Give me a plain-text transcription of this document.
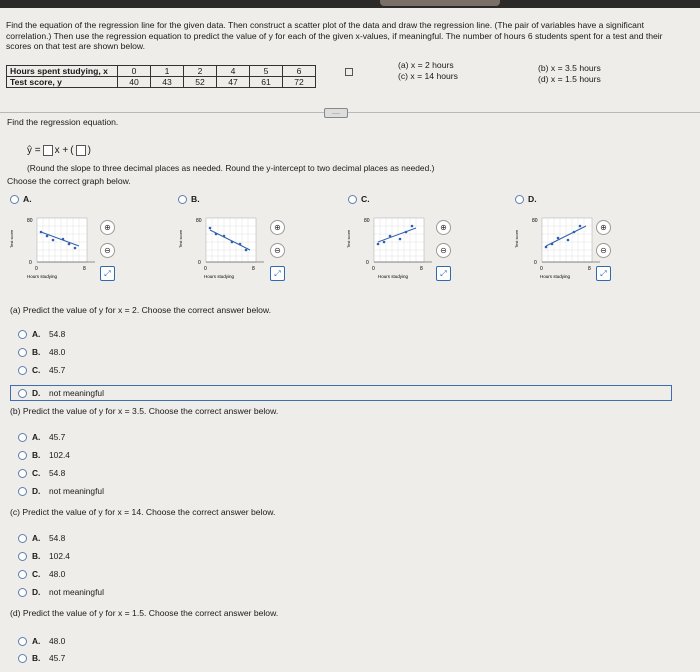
Find the equation of the regression line for the given data. Then construct a scatter plot of the data and draw the regression line. (The pair of variables have a significant correlation.) Then use the regression equation to predict the value of y for each of the given x-values, if meaningful. The number of hours 6 students spent for a test and their scores on that test are shown below.
Hours spent studying, x	0	1	2	4	5	6
Test score, y	40	43	52	47	61	72
(a) x = 2 hours
(c) x = 14 hours
(b) x = 3.5 hours
(d) x = 1.5 hours
....
Find the regression equation.
ŷ = x + ( )
(Round the slope to three decimal places as needed. Round the y-intercept to two decimal places as needed.)
Choose the correct graph below.
A.	B.	C.	D.
80
0
Test score
0	8
Hours studying
⊕
⊖
⤢
80
0
Test score
0	8
Hours studying
⊕
⊖
⤢
80
0
Test score
0	8
Hours studying
⊕
⊖
⤢
80
0
Test score
0	8
Hours studying
⊕
⊖
⤢
(a) Predict the value of y for x = 2. Choose the correct answer below.
A.	54.8
B.	48.0
C.	45.7
D.	not meaningful
(b) Predict the value of y for x = 3.5. Choose the correct answer below.
A.	45.7
B.	102.4
C.	54.8
D.	not meaningful
(c) Predict the value of y for x = 14. Choose the correct answer below.
A.	54.8
B.	102.4
C.	48.0
D.	not meaningful
(d) Predict the value of y for x = 1.5. Choose the correct answer below.
A.	48.0
B.	45.7
